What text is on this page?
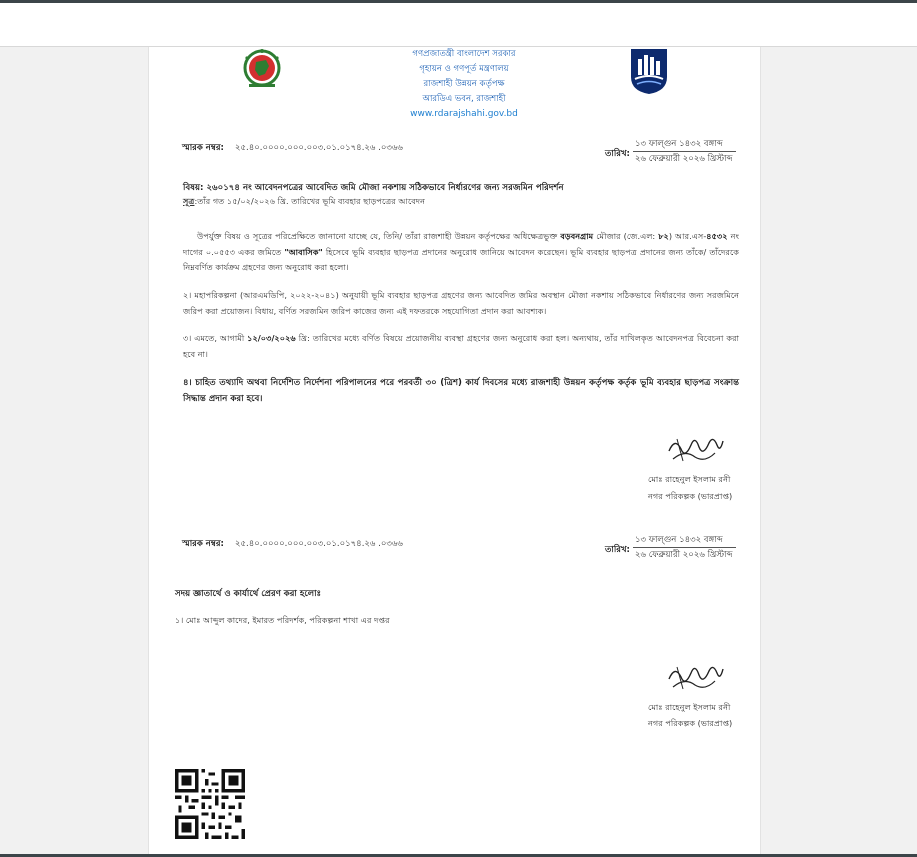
গণপ্রজাতন্ত্রী বাংলাদেশ সরকার
গৃহায়ন ও গণপূর্ত মন্ত্রণালয়
রাজশাহী উন্নয়ন কর্তৃপক্ষ
আরডিএ ভবন, রাজশাহী
www.rdarajshahi.gov.bd
স্মারক নম্বর: ২৫.৪০.০০০০.০০০.০০৩.০১.০১৭৪.২৬ .০৩৬৬
তারিখ:
১৩ ফাল্গুন ১৪৩২ বঙ্গাব্দ
২৬ ফেব্রুয়ারী ২০২৬ খ্রিস্টাব্দ
বিষয়: ২৬০১৭৪ নং আবেদনপত্রের আবেদিত জমি মৌজা নকশায় সঠিকভাবে নির্ধারণের জন্য সরজমিন পরিদর্শন
সূত্র:তাঁর গত ১৫/০২/২০২৬ খ্রি. তারিখের ভূমি ব্যবহার ছাড়পত্রের আবেদন
উপর্যুক্ত বিষয় ও সূত্রের পরিপ্রেক্ষিতে জানানো যাচ্ছে যে, তিনি/ তাঁরা রাজশাহী উন্নয়ন কর্তৃপক্ষের অধিক্ষেত্রভুক্ত বড়বনগ্রাম মৌজার (জে.এল: ৮২) আর.এস-৪৫৩২ নং দাগের ০.০৫৫৩ একর জমিতে "আবাসিক" হিসেবে ভূমি ব্যবহার ছাড়পত্র প্রদানের অনুরোধ জানিয়ে আবেদন করেছেন। ভূমি ব্যবহার ছাড়পত্র প্রদানের জন্য তাঁকে/ তাঁদেরকে নিম্নবর্ণিত কার্যক্রম গ্রহণের জন্য অনুরোধ করা হলো।
২। মহাপরিকল্পনা (আরএমডিপি, ২০২২-২০৪১) অনুযায়ী ভূমি ব্যবহার ছাড়পত্র গ্রহণের জন্য আবেদিত জমির অবস্থান মৌজা নকশায় সঠিকভাবে নির্ধারণের জন্য সরজমিনে জরিপ করা প্রয়োজন। বিধায়, বর্ণিত সরজমিন জরিপ কাজের জন্য এই দফতরকে সহযোগিতা প্রদান করা আবশ্যক।
৩। এমতে, আগামী ১২/০৩/২০২৬ খ্রি: তারিখের মধ্যে বর্ণিত বিষয়ে প্রয়োজনীয় ব্যবস্থা গ্রহণের জন্য অনুরোধ করা হল। অন্যথায়, তাঁর দাখিলকৃত আবেদনপত্র বিবেচনা করা হবে না।
৪। চাহিত তথ্যাদি অথবা নির্দেশিত নির্দেশনা পরিপালনের পরে পরবর্তী ৩০ (ত্রিশ) কার্য দিবসের মধ্যে রাজশাহী উন্নয়ন কর্তৃপক্ষ কর্তৃক ভূমি ব্যবহার ছাড়পত্র সংক্রান্ত সিদ্ধান্ত প্রদান করা হবে।
মোঃ রাহেনুল ইসলাম রনী
নগর পরিকল্পক (ভারপ্রাপ্ত)
স্মারক নম্বর: ২৫.৪০.০০০০.০০০.০০৩.০১.০১৭৪.২৬ .০৩৬৬
তারিখ:
১৩ ফাল্গুন ১৪৩২ বঙ্গাব্দ
২৬ ফেব্রুয়ারী ২০২৬ খ্রিস্টাব্দ
সদয় জ্ঞাতার্থে ও কার্যার্থে প্রেরণ করা হলোঃ
১। মোঃ আব্দুল কাদের, ইমারত পরিদর্শক, পরিকল্পনা শাখা এর দপ্তর
মোঃ রাহেনুল ইসলাম রনী
নগর পরিকল্পক (ভারপ্রাপ্ত)
